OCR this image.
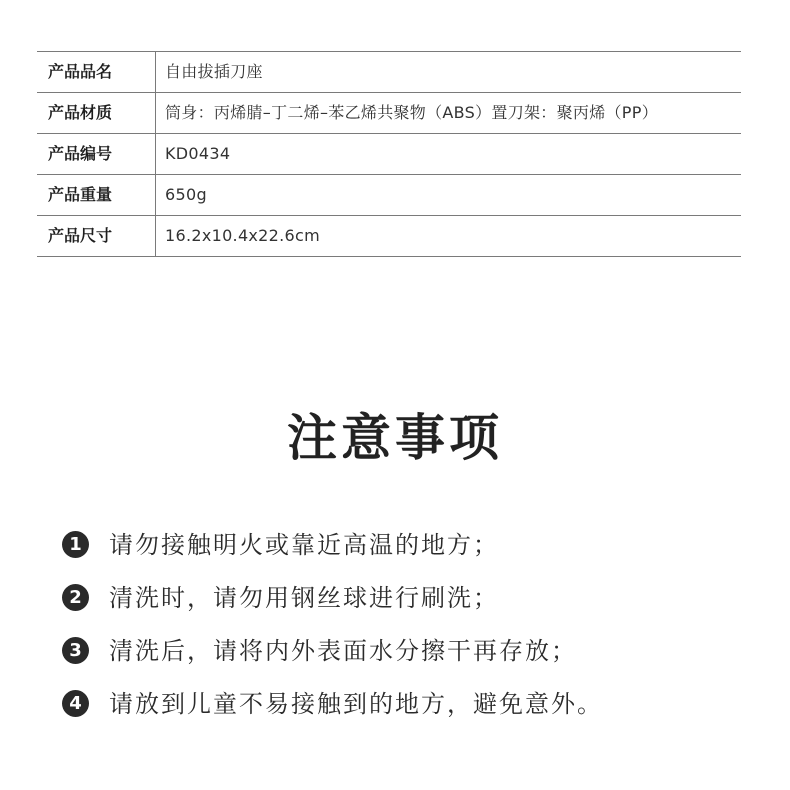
产品品名	自由拔插刀座
产品材质	筒身：丙烯腈–丁二烯–苯乙烯共聚物（ABS）置刀架：聚丙烯（PP）
产品编号	KD0434
产品重量	650g
产品尺寸	16.2x10.4x22.6cm
注意事项
1	请勿接触明火或靠近高温的地方；
2	清洗时，请勿用钢丝球进行刷洗；
3	清洗后，请将内外表面水分擦干再存放；
4	请放到儿童不易接触到的地方，避免意外。
